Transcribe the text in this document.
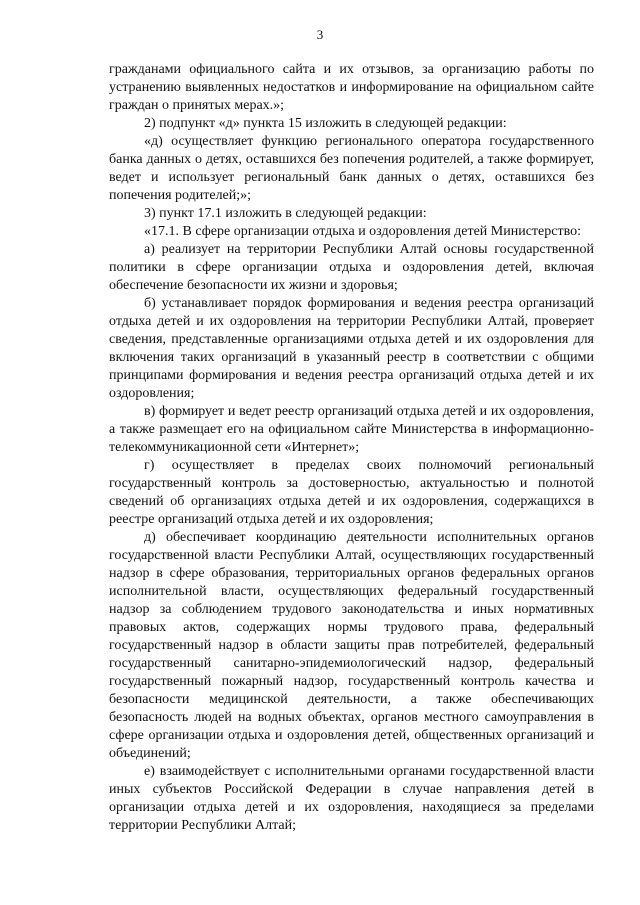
3

гражданами официального сайта и их отзывов, за организацию работы по устранению выявленных недостатков и информирование на официальном сайте граждан о принятых мерах.»;

2) подпункт «д» пункта 15 изложить в следующей редакции:

«д) осуществляет функцию регионального оператора государственного банка данных о детях, оставшихся без попечения родителей, а также формирует, ведет и использует региональный банк данных о детях, оставшихся без попечения родителей;»;

3) пункт 17.1 изложить в следующей редакции:

«17.1. В сфере организации отдыха и оздоровления детей Министерство:

а) реализует на территории Республики Алтай основы государственной политики в сфере организации отдыха и оздоровления детей, включая обеспечение безопасности их жизни и здоровья;

б) устанавливает порядок формирования и ведения реестра организаций отдыха детей и их оздоровления на территории Республики Алтай, проверяет сведения, представленные организациями отдыха детей и их оздоровления для включения таких организаций в указанный реестр в соответствии с общими принципами формирования и ведения реестра организаций отдыха детей и их оздоровления;

в) формирует и ведет реестр организаций отдыха детей и их оздоровления, а также размещает его на официальном сайте Министерства в информационно-телекоммуникационной сети «Интернет»;

г) осуществляет в пределах своих полномочий региональный государственный контроль за достоверностью, актуальностью и полнотой сведений об организациях отдыха детей и их оздоровления, содержащихся в реестре организаций отдыха детей и их оздоровления;

д) обеспечивает координацию деятельности исполнительных органов государственной власти Республики Алтай, осуществляющих государственный надзор в сфере образования, территориальных органов федеральных органов исполнительной власти, осуществляющих федеральный государственный надзор за соблюдением трудового законодательства и иных нормативных правовых актов, содержащих нормы трудового права, федеральный государственный надзор в области защиты прав потребителей, федеральный государственный санитарно-эпидемиологический надзор, федеральный государственный пожарный надзор, государственный контроль качества и безопасности медицинской деятельности, а также обеспечивающих безопасность людей на водных объектах, органов местного самоуправления в сфере организации отдыха и оздоровления детей, общественных организаций и объединений;

е) взаимодействует с исполнительными органами государственной власти иных субъектов Российской Федерации в случае направления детей в организации отдыха детей и их оздоровления, находящиеся за пределами территории Республики Алтай;
